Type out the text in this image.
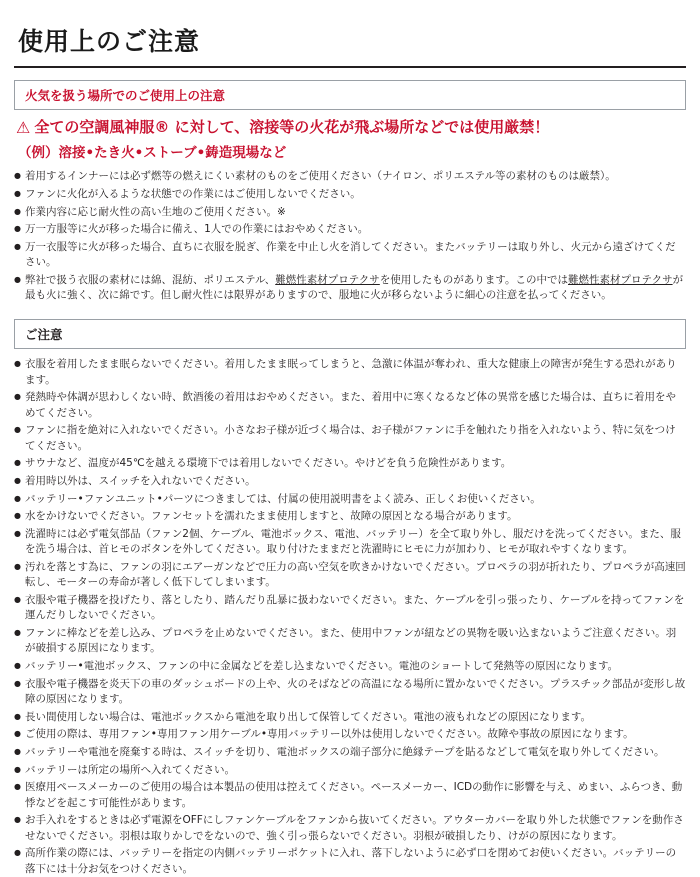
使用上のご注意
火気を扱う場所でのご使用上の注意
⚠ 全ての空調風神服® に対して、溶接等の火花が飛ぶ場所などでは使用厳禁！
（例）溶接•たき火•ストーブ•鋳造現場など
● 着用するインナーには必ず燃等の燃えにくい素材のものをご使用ください（ナイロン、ポリエステル等の素材のものは厳禁）。
● ファンに火化が入るような状態での作業にはご使用しないでください。
● 作業内容に応じ耐火性の高い生地のご使用ください。※
● 万一方服等に火が移った場合に備え、1人での作業にはおやめください。
● 万一衣服等に火が移った場合、直ちに衣服を脱ぎ、作業を中止し火を消してください。またバッテリーは取り外し、火元から遠ざけてください。
● 弊社で扱う衣服の素材には綿、混紡、ポリエステル、難燃性素材プロテクサを使用したものがあります。この中では難燃性素材プロテクサが最も火に強く、次に綿です。但し耐火性には限界がありますので、服地に火が移らないように細心の注意を払ってください。
ご注意
● 衣服を着用したまま眠らないでください。着用したまま眠ってしまうと、急激に体温が奪われ、重大な健康上の障害が発生する恐れがあります。
● 発熱時や体調が思わしくない時、飲酒後の着用はおやめください。また、着用中に寒くなるなど体の異常を感じた場合は、直ちに着用をやめてください。
● ファンに指を絶対に入れないでください。小さなお子様が近づく場合は、お子様がファンに手を触れたり指を入れないよう、特に気をつけてください。
● サウナなど、温度が45℃を越える環境下では着用しないでください。やけどを負う危険性があります。
● 着用時以外は、スイッチを入れないでください。
● バッテリー•ファンユニット•パーツにつきましては、付属の使用説明書をよく読み、正しくお使いください。
● 水をかけないでください。ファンセットを濡れたまま使用しますと、故障の原因となる場合があります。
● 洗濯時には必ず電気部品（ファン2個、ケーブル、電池ボックス、電池、バッテリー）を全て取り外し、服だけを洗ってください。また、服を洗う場合は、首ヒモのボタンを外してください。取り付けたままだと洗濯時にヒモに力が加わり、ヒモが取れやすくなります。
● 汚れを落とす為に、ファンの羽にエアーガンなどで圧力の高い空気を吹きかけないでください。プロペラの羽が折れたり、プロペラが高速回転し、モーターの寿命が著しく低下してしまいます。
● 衣服や電子機器を投げたり、落としたり、踏んだり乱暴に扱わないでください。また、ケーブルを引っ張ったり、ケーブルを持ってファンを運んだりしないでください。
● ファンに棒などを差し込み、プロペラを止めないでください。また、使用中ファンが紐などの異物を吸い込まないようご注意ください。羽が破損する原因になります。
● バッテリー•電池ボックス、ファンの中に金属などを差し込まないでください。電池のショートして発熱等の原因になります。
● 衣服や電子機器を炎天下の車のダッシュボードの上や、火のそばなどの高温になる場所に置かないでください。プラスチック部品が変形し故障の原因になります。
● 長い間使用しない場合は、電池ボックスから電池を取り出して保管してください。電池の液もれなどの原因になります。
● ご使用の際は、専用ファン•専用ファン用ケーブル•専用バッテリー以外は使用しないでください。故障や事故の原因になります。
● バッテリーや電池を廃棄する時は、スイッチを切り、電池ボックスの端子部分に絶縁テープを貼るなどして電気を取り外してください。
● バッテリーは所定の場所へ入れてください。
● 医療用ペースメーカーのご使用の場合は本製品の使用は控えてください。ペースメーカー、ICDの動作に影響を与え、めまい、ふらつき、動悸などを起こす可能性があります。
● お手入れをするときは必ず電源をOFFにしファンケーブルをファンから抜いてください。アウターカバーを取り外した状態でファンを動作させないでください。羽根は取りかしでをないので、強く引っ張らないでください。羽根が破損したり、けがの原因になります。
● 高所作業の際には、バッテリーを指定の内側バッテリーポケットに入れ、落下しないように必ず口を閉めてお使いください。バッテリーの落下には十分お気をつけください。
